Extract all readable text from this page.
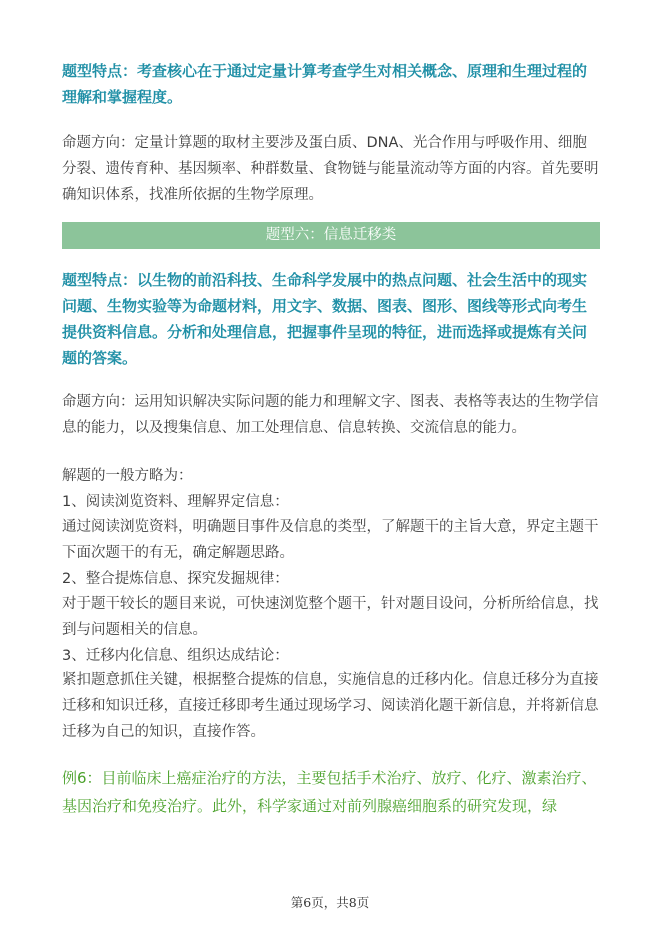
题型特点：考查核心在于通过定量计算考查学生对相关概念、原理和生理过程的理解和掌握程度。

命题方向：定量计算题的取材主要涉及蛋白质、DNA、光合作用与呼吸作用、细胞分裂、遗传育种、基因频率、种群数量、食物链与能量流动等方面的内容。首先要明确知识体系，找准所依据的生物学原理。

题型六：信息迁移类

题型特点：以生物的前沿科技、生命科学发展中的热点问题、社会生活中的现实问题、生物实验等为命题材料，用文字、数据、图表、图形、图线等形式向考生提供资料信息。分析和处理信息，把握事件呈现的特征，进而选择或提炼有关问题的答案。

命题方向：运用知识解决实际问题的能力和理解文字、图表、表格等表达的生物学信息的能力，以及搜集信息、加工处理信息、信息转换、交流信息的能力。

解题的一般方略为：

1、阅读浏览资料、理解界定信息：

通过阅读浏览资料，明确题目事件及信息的类型，了解题干的主旨大意，界定主题干下面次题干的有无，确定解题思路。

2、整合提炼信息、探究发掘规律：

对于题干较长的题目来说，可快速浏览整个题干，针对题目设问，分析所给信息，找到与问题相关的信息。

3、迁移内化信息、组织达成结论：

紧扣题意抓住关键，根据整合提炼的信息，实施信息的迁移内化。信息迁移分为直接迁移和知识迁移，直接迁移即考生通过现场学习、阅读消化题干新信息，并将新信息迁移为自己的知识，直接作答。

例6：目前临床上癌症治疗的方法，主要包括手术治疗、放疗、化疗、激素治疗、基因治疗和免疫治疗。此外，科学家通过对前列腺癌细胞系的研究发现，绿

第6页，共8页
